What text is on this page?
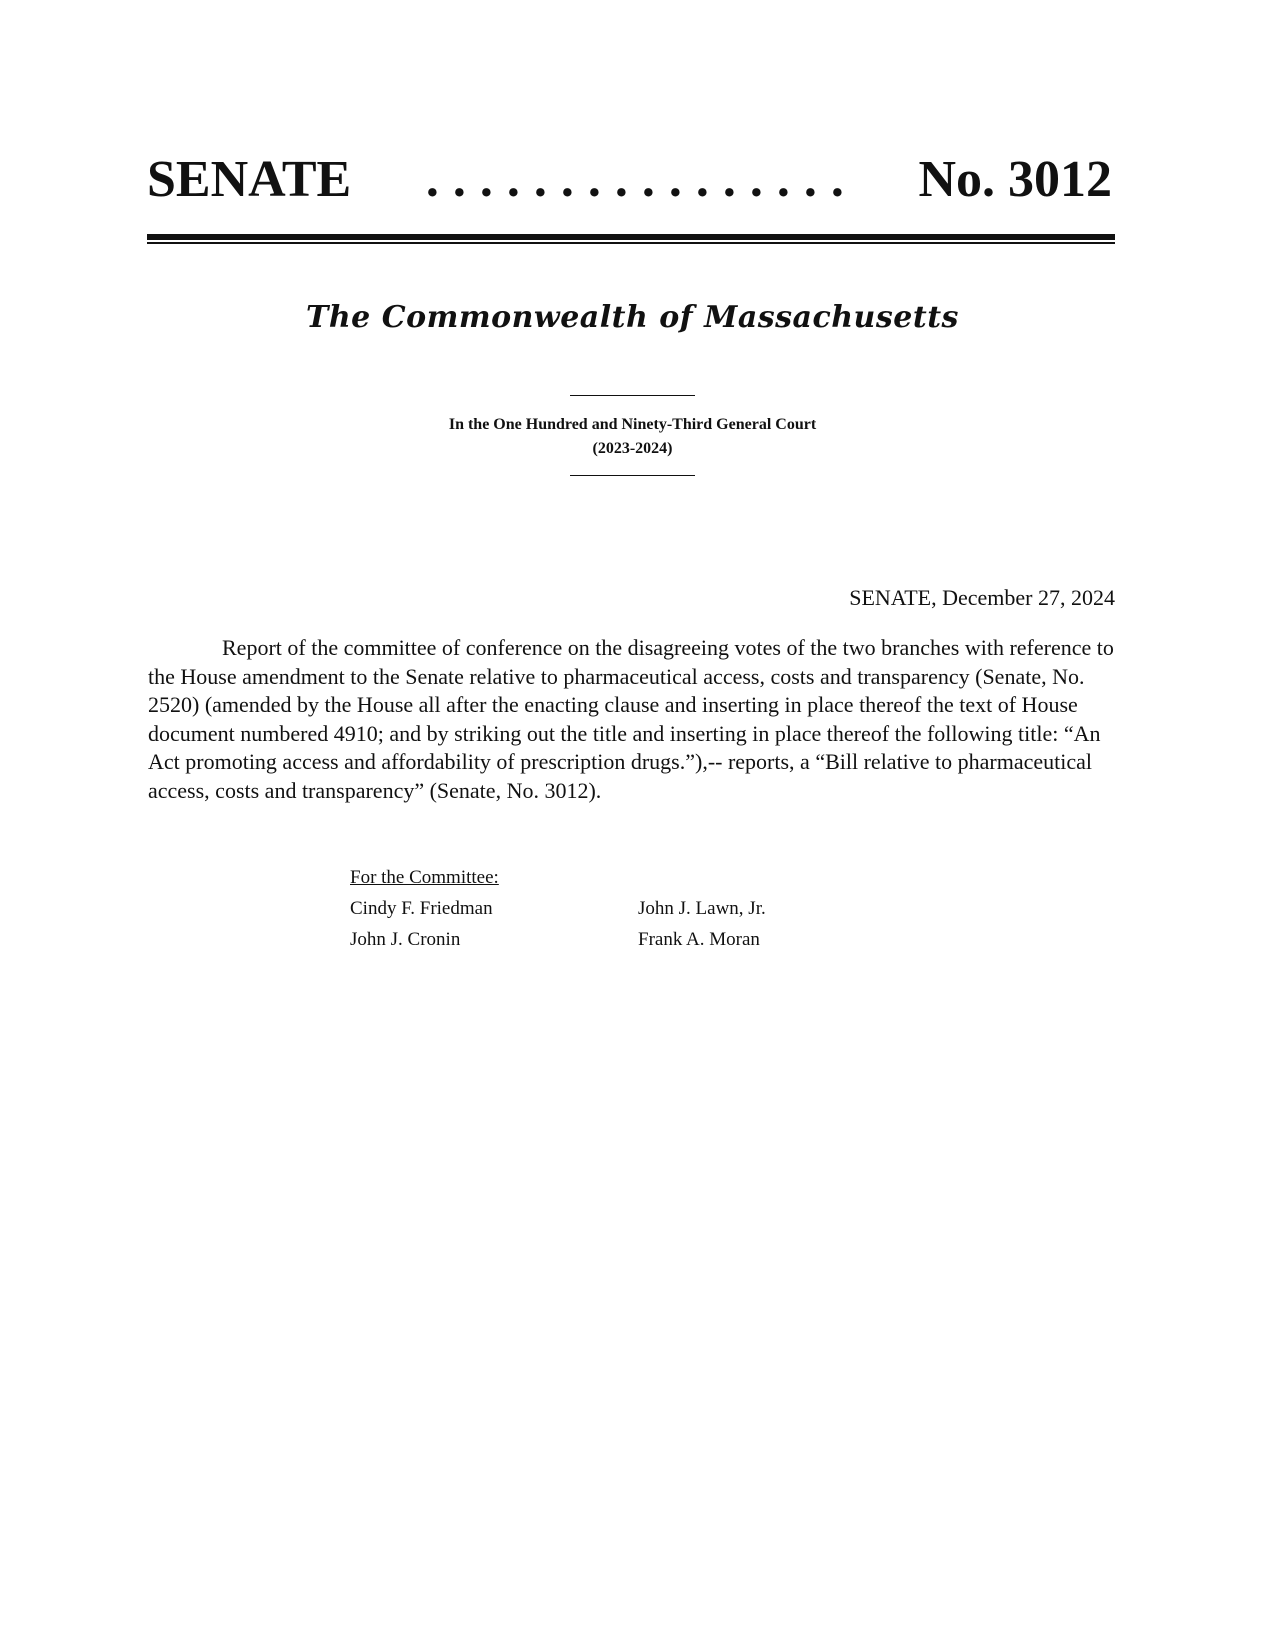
SENATE	................	No. 3012
The Commonwealth of Massachusetts
In the One Hundred and Ninety-Third General Court
(2023-2024)
SENATE, December 27, 2024
Report of the committee of conference on the disagreeing votes of the two branches with reference to the House amendment to the Senate relative to pharmaceutical access, costs and transparency (Senate, No. 2520) (amended by the House all after the enacting clause and inserting in place thereof the text of House document numbered 4910; and by striking out the title and inserting in place thereof the following title: “An Act promoting access and affordability of prescription drugs.”),-- reports, a “Bill relative to pharmaceutical access, costs and transparency” (Senate, No. 3012).
For the Committee:
Cindy F. Friedman	John J. Lawn, Jr.
John J. Cronin	Frank A. Moran
